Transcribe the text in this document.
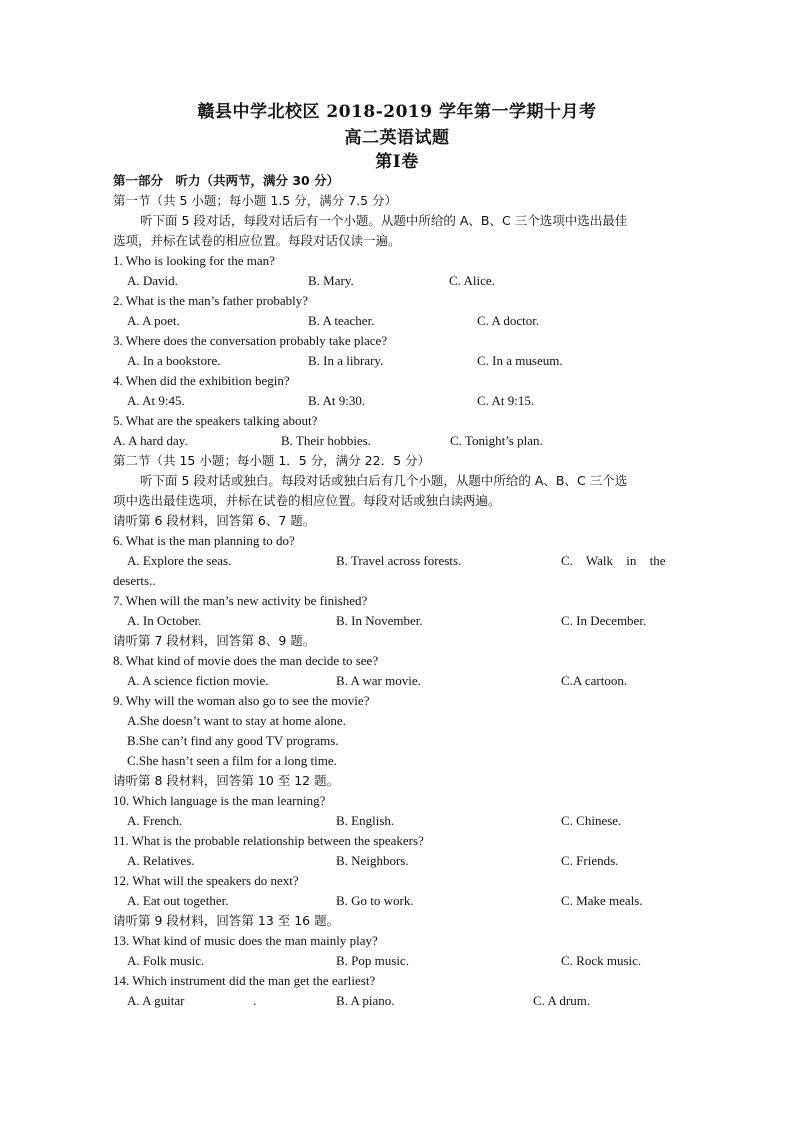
赣县中学北校区 2018-2019 学年第一学期十月考
高二英语试题
第Ⅰ卷
第一部分　听力（共两节，满分 30 分）
第一节（共 5 小题；每小题 1.5 分，满分 7.5 分）
听下面 5 段对话，每段对话后有一个小题。从题中所给的 A、B、C 三个选项中选出最佳
选项，并标在试卷的相应位置。每段对话仅读一遍。
1. Who is looking for the man?
A. David.	B. Mary.	C. Alice.
2. What is the man’s father probably?
A. A poet.	B. A teacher.	C. A doctor.
3. Where does the conversation probably take place?
A. In a bookstore.	B. In a library.	C. In a museum.
4. When did the exhibition begin?
A. At 9:45.	B. At 9:30.	C. At 9:15.
5. What are the speakers talking about?
A. A hard day.	B. Their hobbies.	C. Tonight’s plan.
第二节（共 15 小题；每小题 1．5 分，满分 22．5 分）
听下面 5 段对话或独白。每段对话或独白后有几个小题，从题中所给的 A、B、C 三个选
项中选出最佳选项，并标在试卷的相应位置。每段对话或独白读两遍。
请听第 6 段材料，回答第 6、7 题。
6. What is the man planning to do?
A. Explore the seas.	B. Travel across forests.	C. Walk in the
deserts..
7. When will the man’s new activity be finished?
A. In October.	B. In November.	C. In December.
请听第 7 段材料，回答第 8、9 题。
8. What kind of movie does the man decide to see?
A. A science fiction movie.	B. A war movie.	C.A cartoon.
9. Why will the woman also go to see the movie?
A.She doesn’t want to stay at home alone.
B.She can’t find any good TV programs.
C.She hasn’t seen a film for a long time.
请听第 8 段材料，回答第 10 至 12 题。
10. Which language is the man learning?
A. French.	B. English.	C. Chinese.
11. What is the probable relationship between the speakers?
A. Relatives.	B. Neighbors.	C. Friends.
12. What will the speakers do next?
A. Eat out together.	B. Go to work.	C. Make meals.
请听第 9 段材料，回答第 13 至 16 题。
13. What kind of music does the man mainly play?
A. Folk music.	B. Pop music.	C. Rock music.
14. Which instrument did the man get the earliest?
A. A guitar	.	B. A piano.	C. A drum.
